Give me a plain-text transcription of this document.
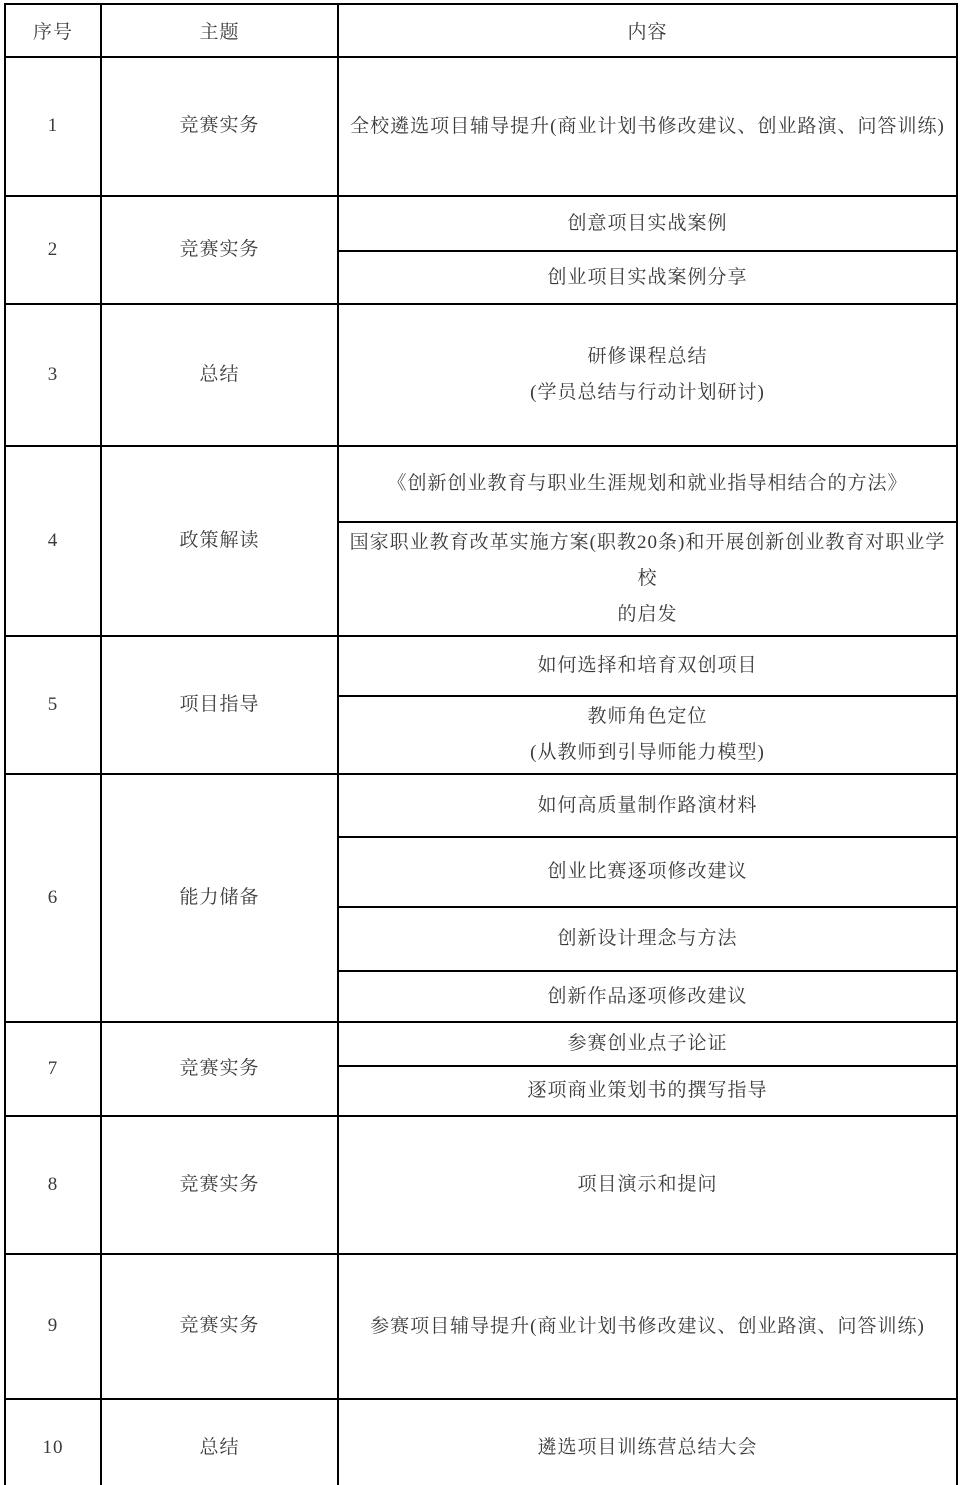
序号	主题	内容
1	竞赛实务	全校遴选项目辅导提升(商业计划书修改建议、创业路演、问答训练)

2	竞赛实务	创意项目实战案例

		创业项目实战案例分享

3	总结	研修课程总结
(学员总结与行动计划研讨)

4	政策解读	《创新创业教育与职业生涯规划和就业指导相结合的方法》

		国家职业教育改革实施方案(职教20条)和开展创新创业教育对职业学校
的启发

5	项目指导	如何选择和培育双创项目

		教师角色定位
(从教师到引导师能力模型)

6	能力储备	如何高质量制作路演材料

		创业比赛逐项修改建议

		创新设计理念与方法

		创新作品逐项修改建议

7	竞赛实务	参赛创业点子论证

		逐项商业策划书的撰写指导

8	竞赛实务	项目演示和提问

9	竞赛实务	参赛项目辅导提升(商业计划书修改建议、创业路演、问答训练)

10	总结	遴选项目训练营总结大会
